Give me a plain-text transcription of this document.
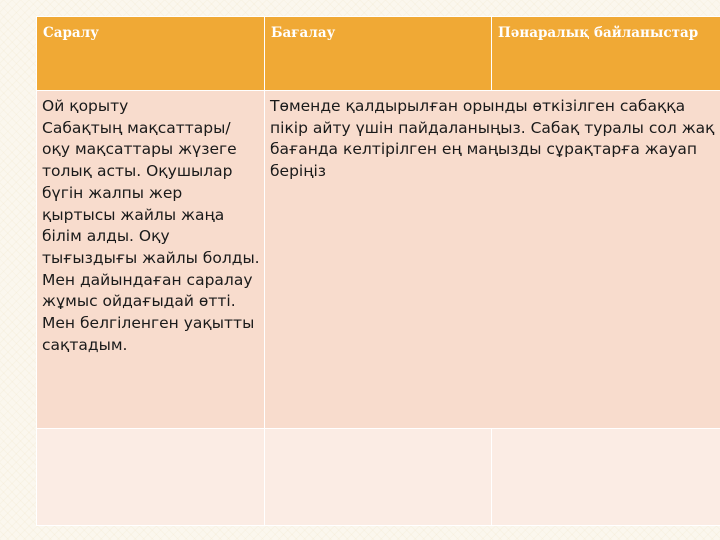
Саралу	Бағалау	Пәнаралық байланыстар
Ой қорыту
Сабақтың мақсаттары/ оқу мақсаттары жүзеге толық асты. Оқушылар бүгін жалпы жер қыртысы жайлы жаңа білім алды. Оқу тығыздығы жайлы болды. Мен дайындаған саралау жұмыс ойдағыдай өтті. Мен белгіленген уақытты сақтадым.	Төменде қалдырылған орынды өткізілген сабаққа пікір айту үшін пайдаланыңыз. Сабақ туралы сол жақ бағанда келтірілген ең маңызды сұрақтарға жауап беріңіз	
